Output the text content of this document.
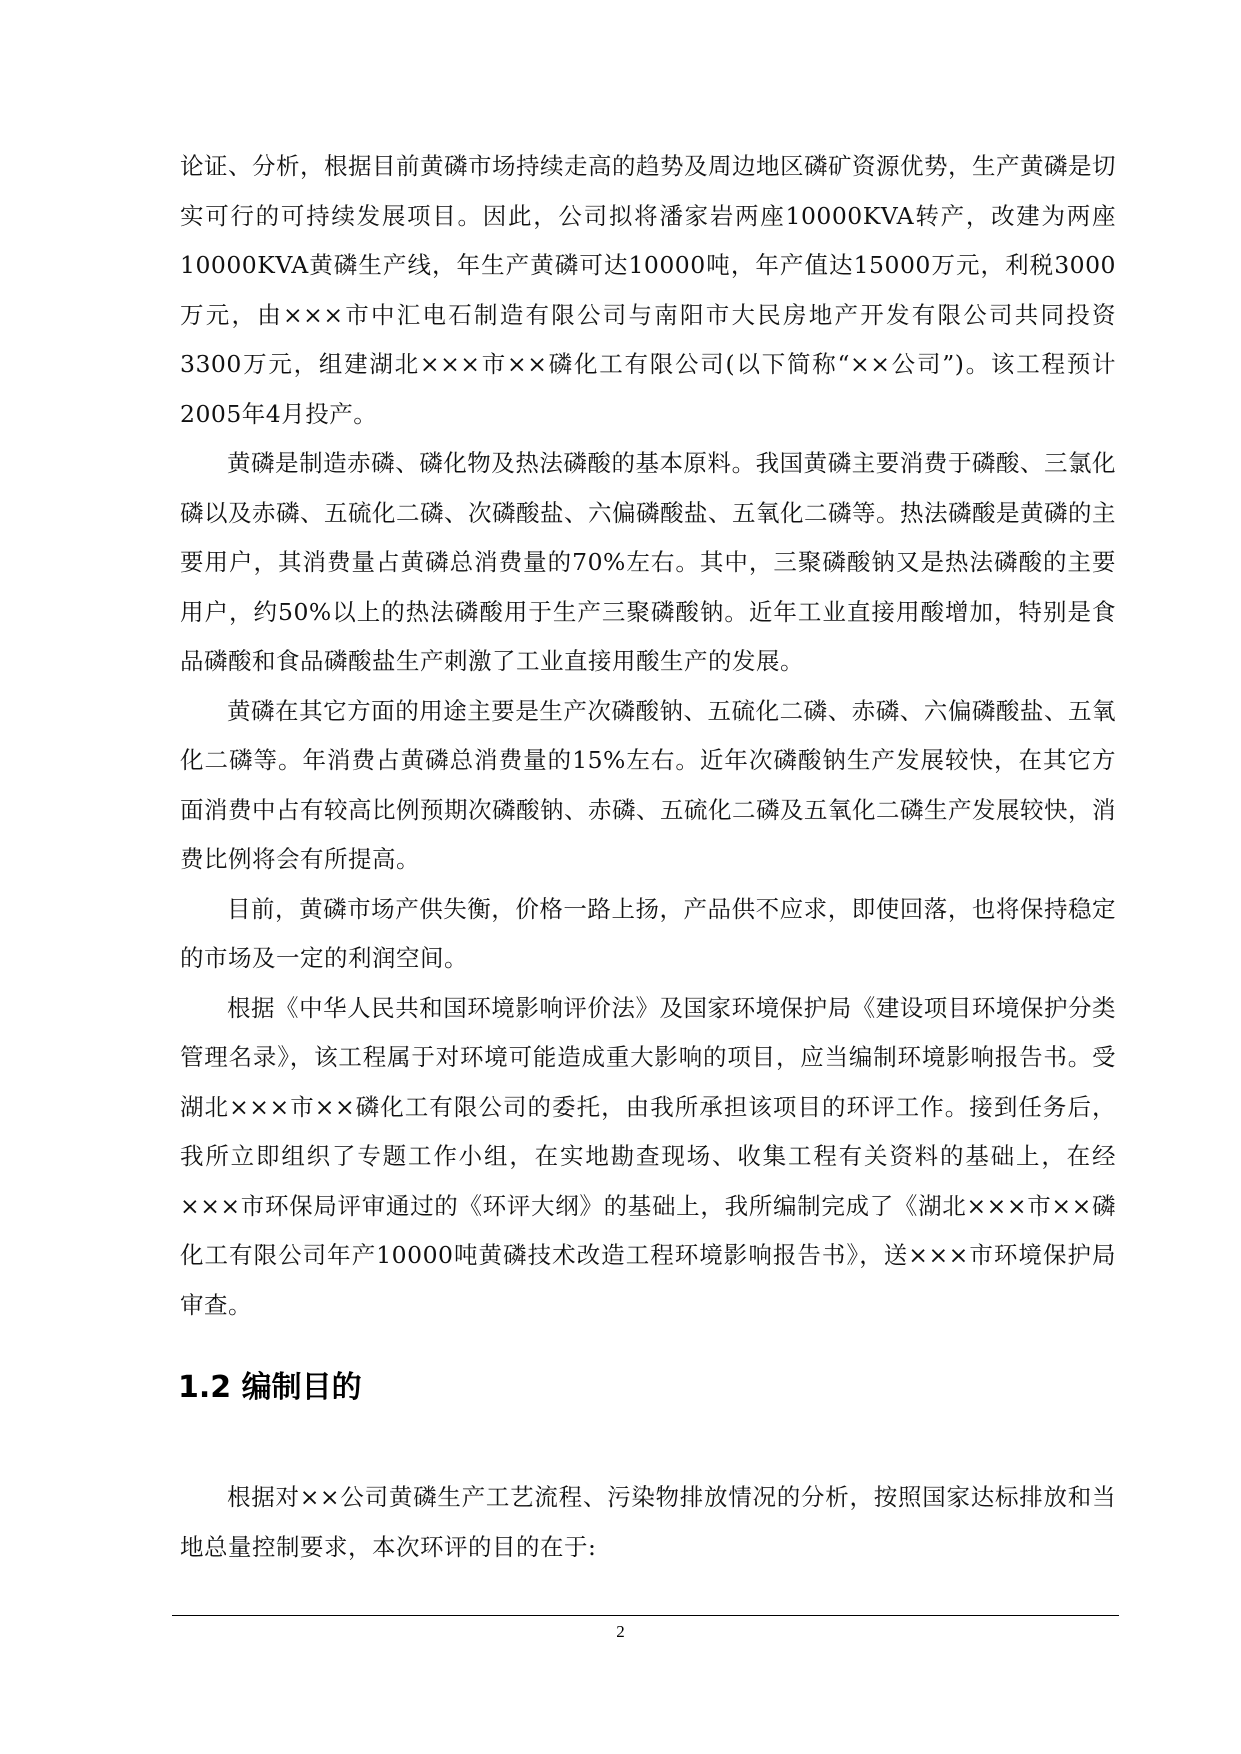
论证、分析，根据目前黄磷市场持续走高的趋势及周边地区磷矿资源优势，生产黄磷是切实可行的可持续发展项目。因此，公司拟将潘家岩两座10000KVA转产，改建为两座10000KVA黄磷生产线，年生产黄磷可达10000吨，年产值达15000万元，利税3000万元，由×××市中汇电石制造有限公司与南阳市大民房地产开发有限公司共同投资3300万元，组建湖北×××市××磷化工有限公司(以下简称“××公司”)。该工程预计2005年4月投产。

黄磷是制造赤磷、磷化物及热法磷酸的基本原料。我国黄磷主要消费于磷酸、三氯化磷以及赤磷、五硫化二磷、次磷酸盐、六偏磷酸盐、五氧化二磷等。热法磷酸是黄磷的主要用户，其消费量占黄磷总消费量的70%左右。其中，三聚磷酸钠又是热法磷酸的主要用户，约50%以上的热法磷酸用于生产三聚磷酸钠。近年工业直接用酸增加，特别是食品磷酸和食品磷酸盐生产刺激了工业直接用酸生产的发展。

黄磷在其它方面的用途主要是生产次磷酸钠、五硫化二磷、赤磷、六偏磷酸盐、五氧化二磷等。年消费占黄磷总消费量的15%左右。近年次磷酸钠生产发展较快，在其它方面消费中占有较高比例预期次磷酸钠、赤磷、五硫化二磷及五氧化二磷生产发展较快，消费比例将会有所提高。

目前，黄磷市场产供失衡，价格一路上扬，产品供不应求，即使回落，也将保持稳定的市场及一定的利润空间。

根据《中华人民共和国环境影响评价法》及国家环境保护局《建设项目环境保护分类管理名录》，该工程属于对环境可能造成重大影响的项目，应当编制环境影响报告书。受湖北×××市××磷化工有限公司的委托，由我所承担该项目的环评工作。接到任务后，我所立即组织了专题工作小组，在实地勘查现场、收集工程有关资料的基础上，在经×××市环保局评审通过的《环评大纲》的基础上，我所编制完成了《湖北×××市××磷化工有限公司年产10000吨黄磷技术改造工程环境影响报告书》，送×××市环境保护局审查。

1.2 编制目的

根据对××公司黄磷生产工艺流程、污染物排放情况的分析，按照国家达标排放和当地总量控制要求，本次环评的目的在于:

2
